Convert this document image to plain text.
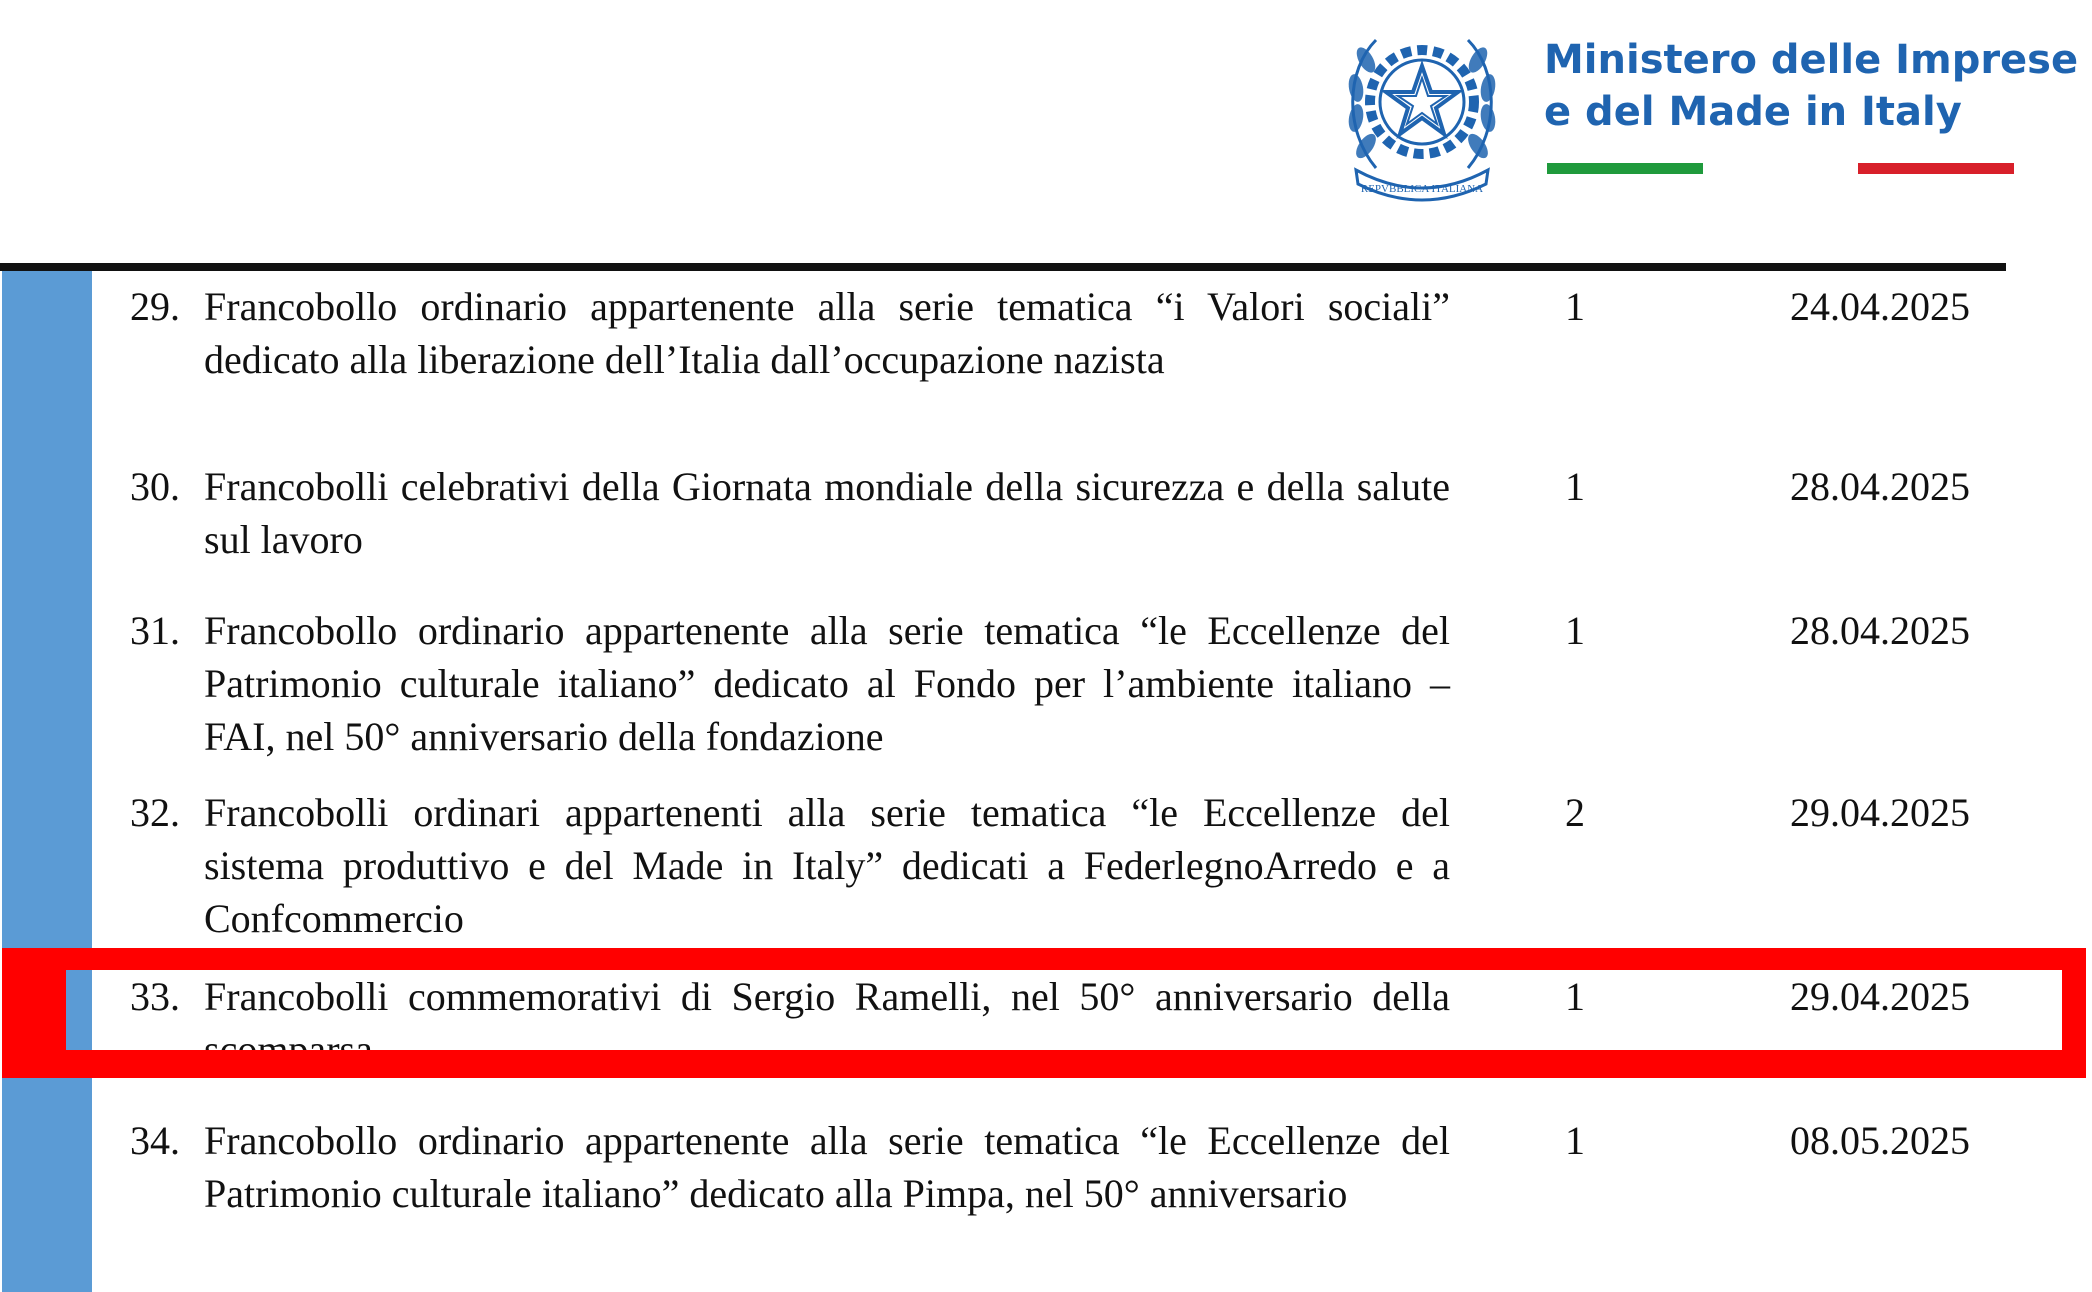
REPVBBLICA ITALIANA
Ministero delle Imprese
e del Made in Italy
29. Francobollo ordinario appartenente alla serie tematica “i Valori sociali” dedicato alla liberazione dell’Italia dall’occupazione nazista
1	24.04.2025
30. Francobolli celebrativi della Giornata mondiale della sicurezza e della salute sul lavoro
1	28.04.2025
31. Francobollo ordinario appartenente alla serie tematica “le Eccellenze del Patrimonio culturale italiano” dedicato al Fondo per l’ambiente italiano – FAI, nel 50° anniversario della fondazione
1	28.04.2025
32. Francobolli ordinari appartenenti alla serie tematica “le Eccellenze del sistema produttivo e del Made in Italy” dedicati a FederlegnoArredo e a Confcommercio
2	29.04.2025
33. Francobolli commemorativi di Sergio Ramelli, nel 50° anniversario della scomparsa
1	29.04.2025
34. Francobollo ordinario appartenente alla serie tematica “le Eccellenze del Patrimonio culturale italiano” dedicato alla Pimpa, nel 50° anniversario
1	08.05.2025
